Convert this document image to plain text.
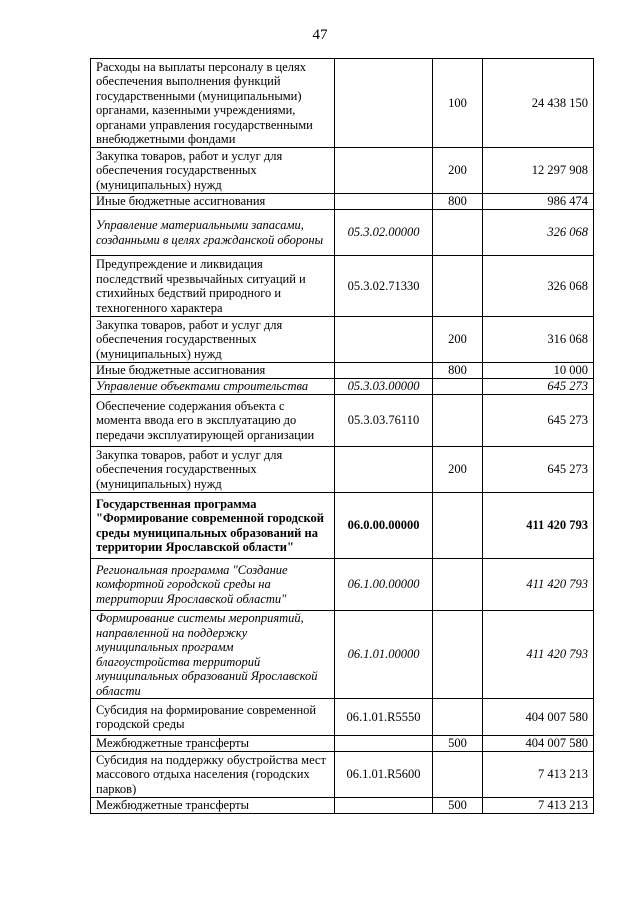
47
Расходы на выплаты персоналу в целях обеспечения выполнения функций государственными (муниципальными) органами, казенными учреждениями, органами управления государственными внебюджетными фондами		100	24 438 150
Закупка товаров, работ и услуг для обеспечения государственных (муниципальных) нужд		200	12 297 908
Иные бюджетные ассигнования		800	986 474
Управление материальными запасами, созданными в целях гражданской обороны	05.3.02.00000		326 068
Предупреждение и ликвидация последствий чрезвычайных ситуаций и стихийных бедствий природного и техногенного характера	05.3.02.71330		326 068
Закупка товаров, работ и услуг для обеспечения государственных (муниципальных) нужд		200	316 068
Иные бюджетные ассигнования		800	10 000
Управление объектами строительства	05.3.03.00000		645 273
Обеспечение содержания объекта с момента ввода его в эксплуатацию до передачи эксплуатирующей организации	05.3.03.76110		645 273
Закупка товаров, работ и услуг для обеспечения государственных (муниципальных) нужд		200	645 273
Государственная программа "Формирование современной городской среды муниципальных образований на территории Ярославской области"	06.0.00.00000		411 420 793
Региональная программа "Создание комфортной городской среды на территории Ярославской области"	06.1.00.00000		411 420 793
Формирование системы мероприятий, направленной на поддержку муниципальных программ благоустройства территорий муниципальных образований Ярославской области	06.1.01.00000		411 420 793
Субсидия на формирование современной городской среды	06.1.01.R5550		404 007 580
Межбюджетные трансферты		500	404 007 580
Субсидия на поддержку обустройства мест массового отдыха населения (городских парков)	06.1.01.R5600		7 413 213
Межбюджетные трансферты		500	7 413 213
